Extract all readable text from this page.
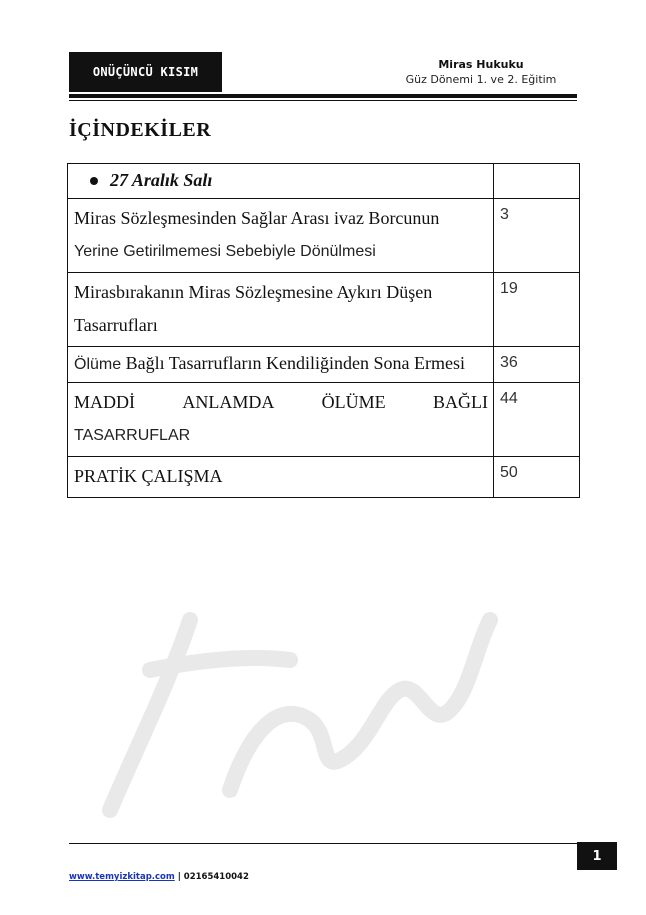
ONÜÇÜNCÜ KISIM
Miras Hukuku
Güz Dönemi 1. ve 2. Eğitim
İÇİNDEKİLER
27 Aralık Salı	

Miras Sözleşmesinden Sağlar Arası ivaz Borcunun
Yerine Getirilmemesi Sebebiyle Dönülmesi	3

Mirasbırakanın Miras Sözleşmesine Aykırı Düşen
Tasarrufları	19
Ölüme Bağlı Tasarrufların Kendiliğinden Sona Ermesi	36

MADDİ ANLAMDA ÖLÜME BAĞLI
TASARRUFLAR	44

PRATİK ÇALIŞMA	50
1
www.temyizkitap.com | 02165410042
